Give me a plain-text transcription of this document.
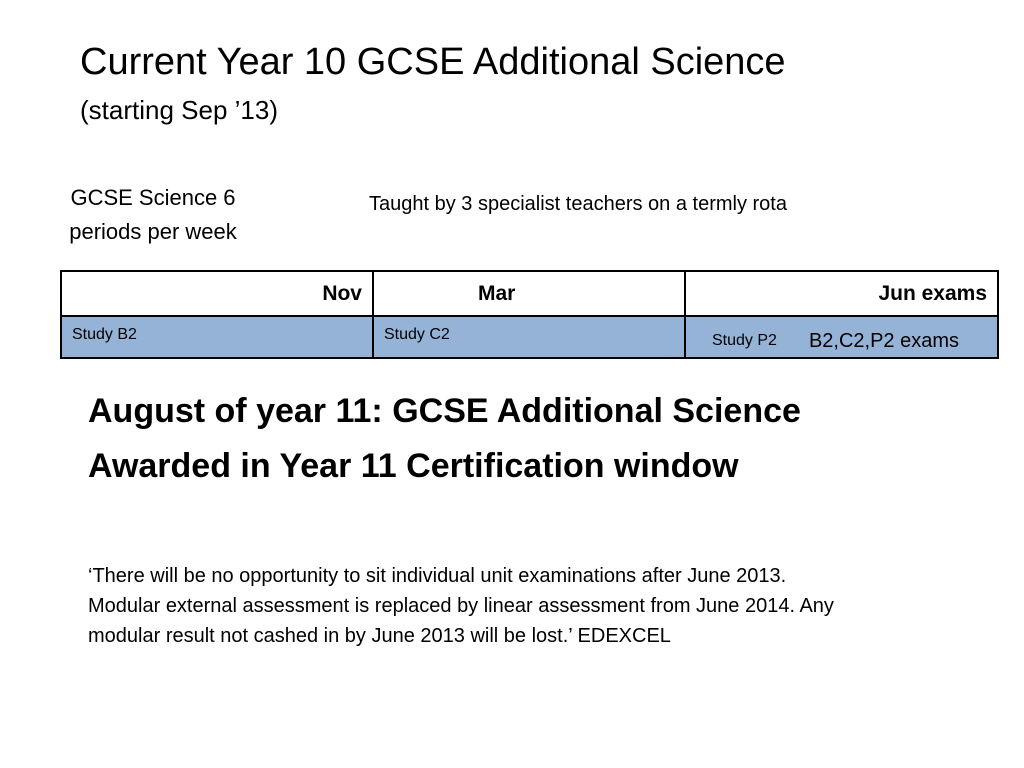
Current Year 10 GCSE Additional Science
(starting Sep ’13)
GCSE Science 6
periods per week
Taught by 3 specialist teachers on a termly rota
Nov	Mar	Jun exams
Study B2	Study C2	Study P2 B2,C2,P2 exams
August of year 11: GCSE Additional Science
Awarded in Year 11 Certification window
‘There will be no opportunity to sit individual unit examinations after June 2013.
Modular external assessment is replaced by linear assessment from June 2014. Any
modular result not cashed in by June 2013 will be lost.’ EDEXCEL
